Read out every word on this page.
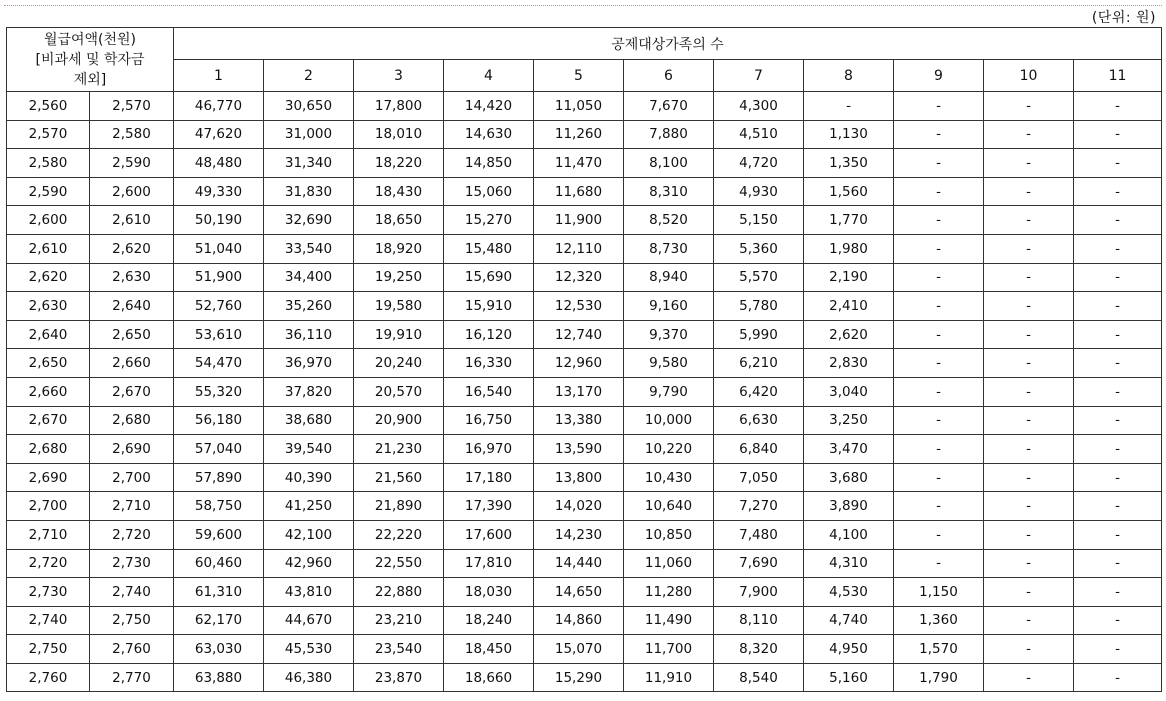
(단위: 원)
월급여액(천원)
[비과세 및 학자금
제외]		공제대상가족의 수										
		1	2	3	4	5	6	7	8	9	10	11
2,560	2,570	46,770	30,650	17,800	14,420	11,050	7,670	4,300	-	-	-	-
2,570	2,580	47,620	31,000	18,010	14,630	11,260	7,880	4,510	1,130	-	-	-
2,580	2,590	48,480	31,340	18,220	14,850	11,470	8,100	4,720	1,350	-	-	-
2,590	2,600	49,330	31,830	18,430	15,060	11,680	8,310	4,930	1,560	-	-	-
2,600	2,610	50,190	32,690	18,650	15,270	11,900	8,520	5,150	1,770	-	-	-
2,610	2,620	51,040	33,540	18,920	15,480	12,110	8,730	5,360	1,980	-	-	-
2,620	2,630	51,900	34,400	19,250	15,690	12,320	8,940	5,570	2,190	-	-	-
2,630	2,640	52,760	35,260	19,580	15,910	12,530	9,160	5,780	2,410	-	-	-
2,640	2,650	53,610	36,110	19,910	16,120	12,740	9,370	5,990	2,620	-	-	-
2,650	2,660	54,470	36,970	20,240	16,330	12,960	9,580	6,210	2,830	-	-	-
2,660	2,670	55,320	37,820	20,570	16,540	13,170	9,790	6,420	3,040	-	-	-
2,670	2,680	56,180	38,680	20,900	16,750	13,380	10,000	6,630	3,250	-	-	-
2,680	2,690	57,040	39,540	21,230	16,970	13,590	10,220	6,840	3,470	-	-	-
2,690	2,700	57,890	40,390	21,560	17,180	13,800	10,430	7,050	3,680	-	-	-
2,700	2,710	58,750	41,250	21,890	17,390	14,020	10,640	7,270	3,890	-	-	-
2,710	2,720	59,600	42,100	22,220	17,600	14,230	10,850	7,480	4,100	-	-	-
2,720	2,730	60,460	42,960	22,550	17,810	14,440	11,060	7,690	4,310	-	-	-
2,730	2,740	61,310	43,810	22,880	18,030	14,650	11,280	7,900	4,530	1,150	-	-
2,740	2,750	62,170	44,670	23,210	18,240	14,860	11,490	8,110	4,740	1,360	-	-
2,750	2,760	63,030	45,530	23,540	18,450	15,070	11,700	8,320	4,950	1,570	-	-
2,760	2,770	63,880	46,380	23,870	18,660	15,290	11,910	8,540	5,160	1,790	-	-
